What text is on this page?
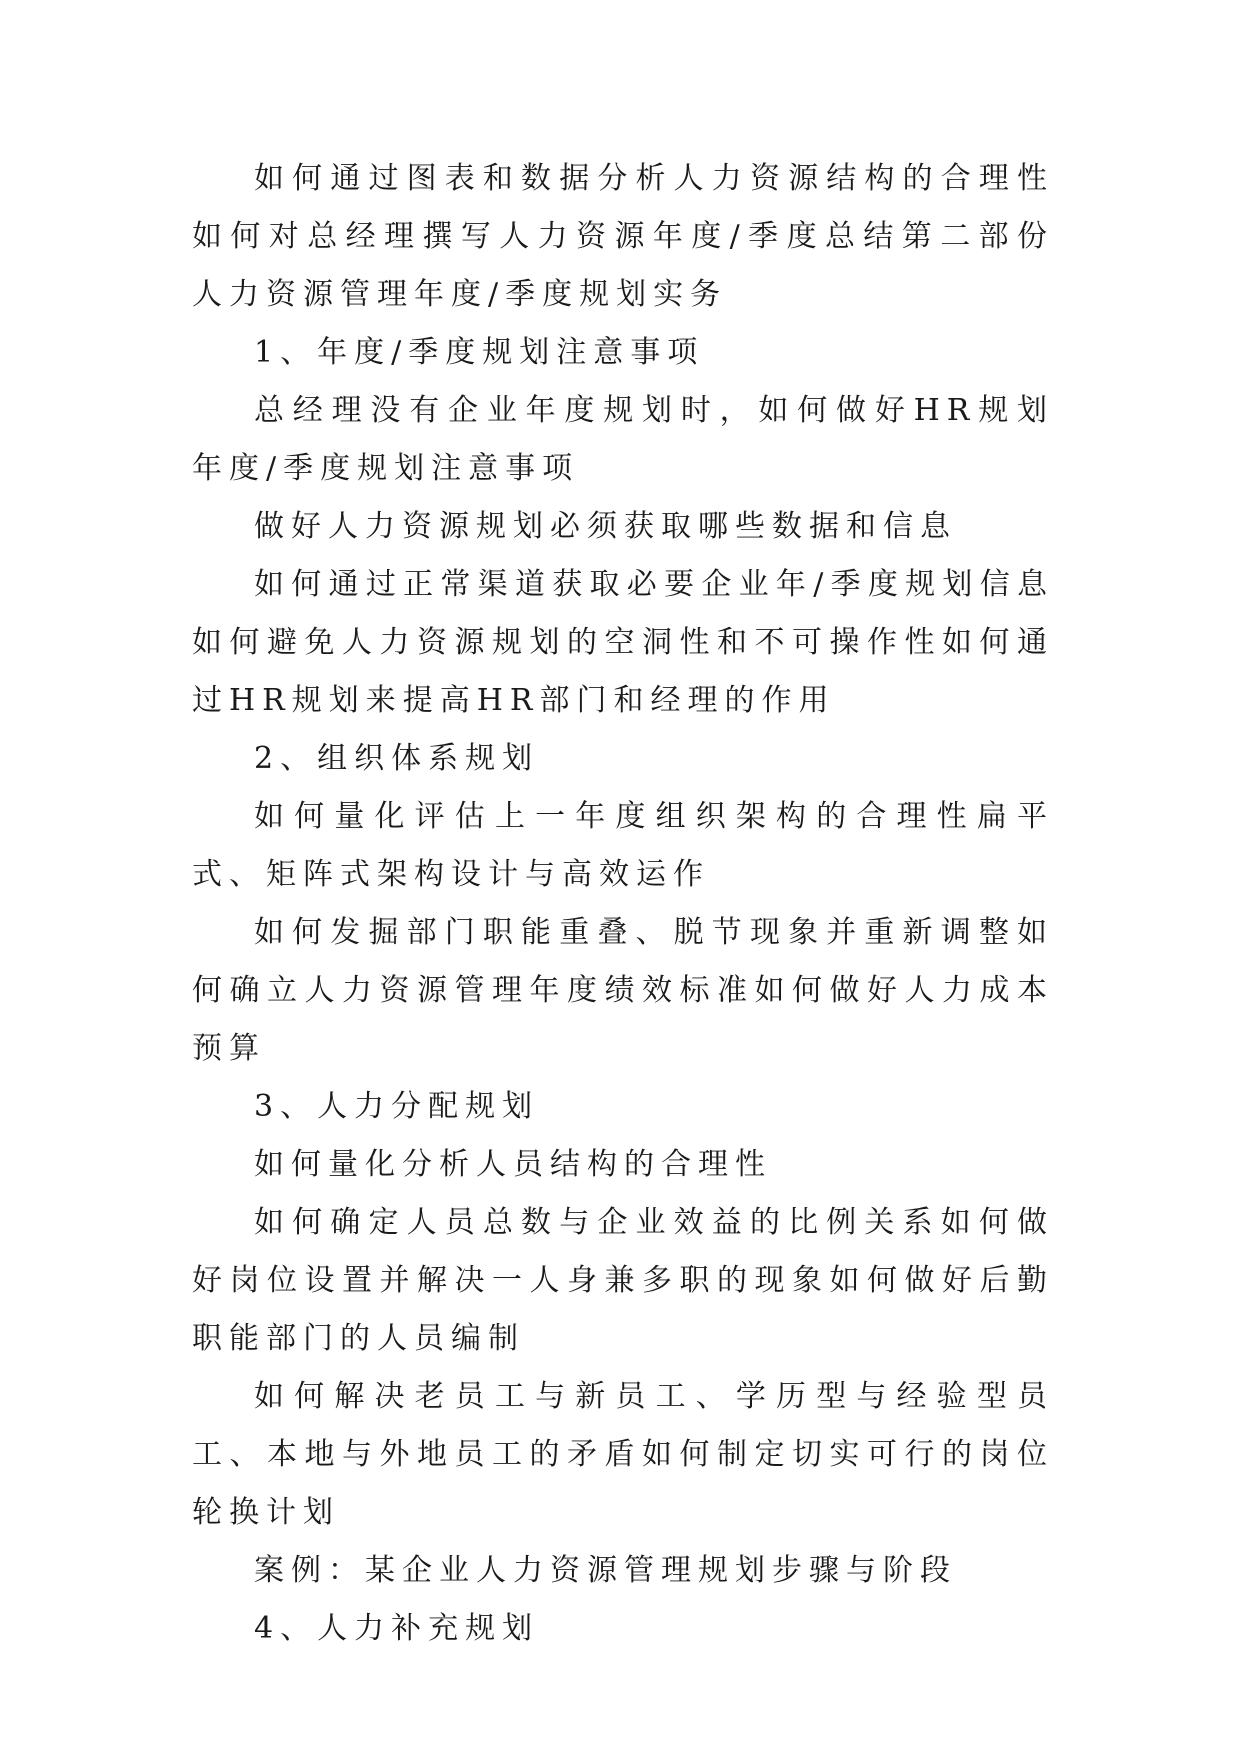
如何通过图表和数据分析人力资源结构的合理性如何对总经理撰写人力资源年度/季度总结第二部份人力资源管理年度/季度规划实务

1、年度/季度规划注意事项

总经理没有企业年度规划时，如何做好HR规划年度/季度规划注意事项

做好人力资源规划必须获取哪些数据和信息

如何通过正常渠道获取必要企业年/季度规划信息如何避免人力资源规划的空洞性和不可操作性如何通过HR规划来提高HR部门和经理的作用

2、组织体系规划

如何量化评估上一年度组织架构的合理性扁平式、矩阵式架构设计与高效运作

如何发掘部门职能重叠、脱节现象并重新调整如何确立人力资源管理年度绩效标准如何做好人力成本预算

3、人力分配规划

如何量化分析人员结构的合理性

如何确定人员总数与企业效益的比例关系如何做好岗位设置并解决一人身兼多职的现象如何做好后勤职能部门的人员编制

如何解决老员工与新员工、学历型与经验型员工、本地与外地员工的矛盾如何制定切实可行的岗位轮换计划

案例：某企业人力资源管理规划步骤与阶段

4、人力补充规划
